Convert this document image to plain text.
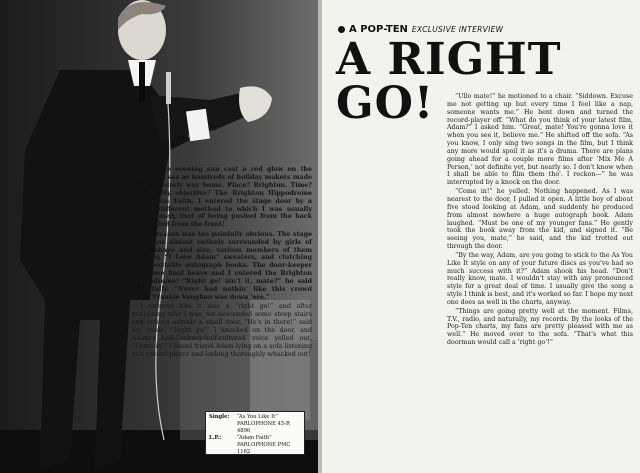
The late evening sun cast a red glow on the sparkling sea as hundreds of holiday makers made their leisurely way home. Place? Brighton. Time? 7 p.m. My objective? The Brighton Hippodrome and Adam Faith. I entered the stage door by a rather different method to which I was usually accustomed, that of being pushed from the back and pulled from the front!

The reason was too painfully obvious. The stage door was almost entirely surrounded by girls of every shape and size, various members of them wearing “I Love Adam” sweaters, and clutching the inevitable autograph books. The door-keeper gave one final heave and I entered the Brighton Hippodrome! “Right go! ain't it, mate?” he said cheerfully. “Never had nothin' like this crowd since Frankie Vaughan was down 'ere.”

I assured him it was a “right go!” and after explaining who I was, we descended some steep stairs and arrived outside a small door. “He's in there!” said my guide. “Right go!” I knocked on the door, and Adam's half-Cockney-half-cultured voice yelled out, “Come in!” I found friend Adam lying on a sofa listening to a record player and looking thoroughly whacked out!

Single:	“As You Like It”
PARLOPHONE 45-R 4896
L.P.:	“Adam Faith”
PARLOPHONE PMC 1162
A POP-TEN EXCLUSIVE INTERVIEW
A RIGHT
GO!	“Ullo mate!” he motioned to a chair. “Siddown. Excuse me not getting up but every time I feel like a nap, someone wants me.” He bent down and turned the record-player off. “What do you think of your latest film, Adam?” I asked him. “Great, mate! You're gonna love it when you see it, believe me.” He shifted off the sofa. “As you know, I only sing two songs in the film, but I think any more would spoil it as it's a drama. There are plans going ahead for a couple more films after ‘Mix Me A Person,’ not definite yet, but nearly so. I don't know when I shall be able to film them tho'. I reckon—” he was interrupted by a knock on the door.

“Come in!” he yelled. Nothing happened. As I was nearest to the door, I pulled it open. A little boy of about five stood looking at Adam, and suddenly he produced from almost nowhere a huge autograph book. Adam laughed. “Must be one of my younger fans.” He gently took the book away from the kid, and signed it. “Be seeing you, mate,” he said, and the kid trotted out through the door.

“By the way, Adam, are you going to stick to the As You Like It style on any of your future discs as you've had so much success with it?” Adam shook his head. “Don't really know, mate. I wouldn't stay with any pronounced style for a great deal of time. I usually give the song a style I think is best, and it's worked so far. I hope my next one does as well in the charts, anyway.

“Things are going pretty well at the moment. Films, T.V., radio, and naturally, my records. By the looks of the Pop-Ten charts, my fans are pretty pleased with me as well.” He moved over to the sofa. “That's what this doorman would call a ‘right go’!”
